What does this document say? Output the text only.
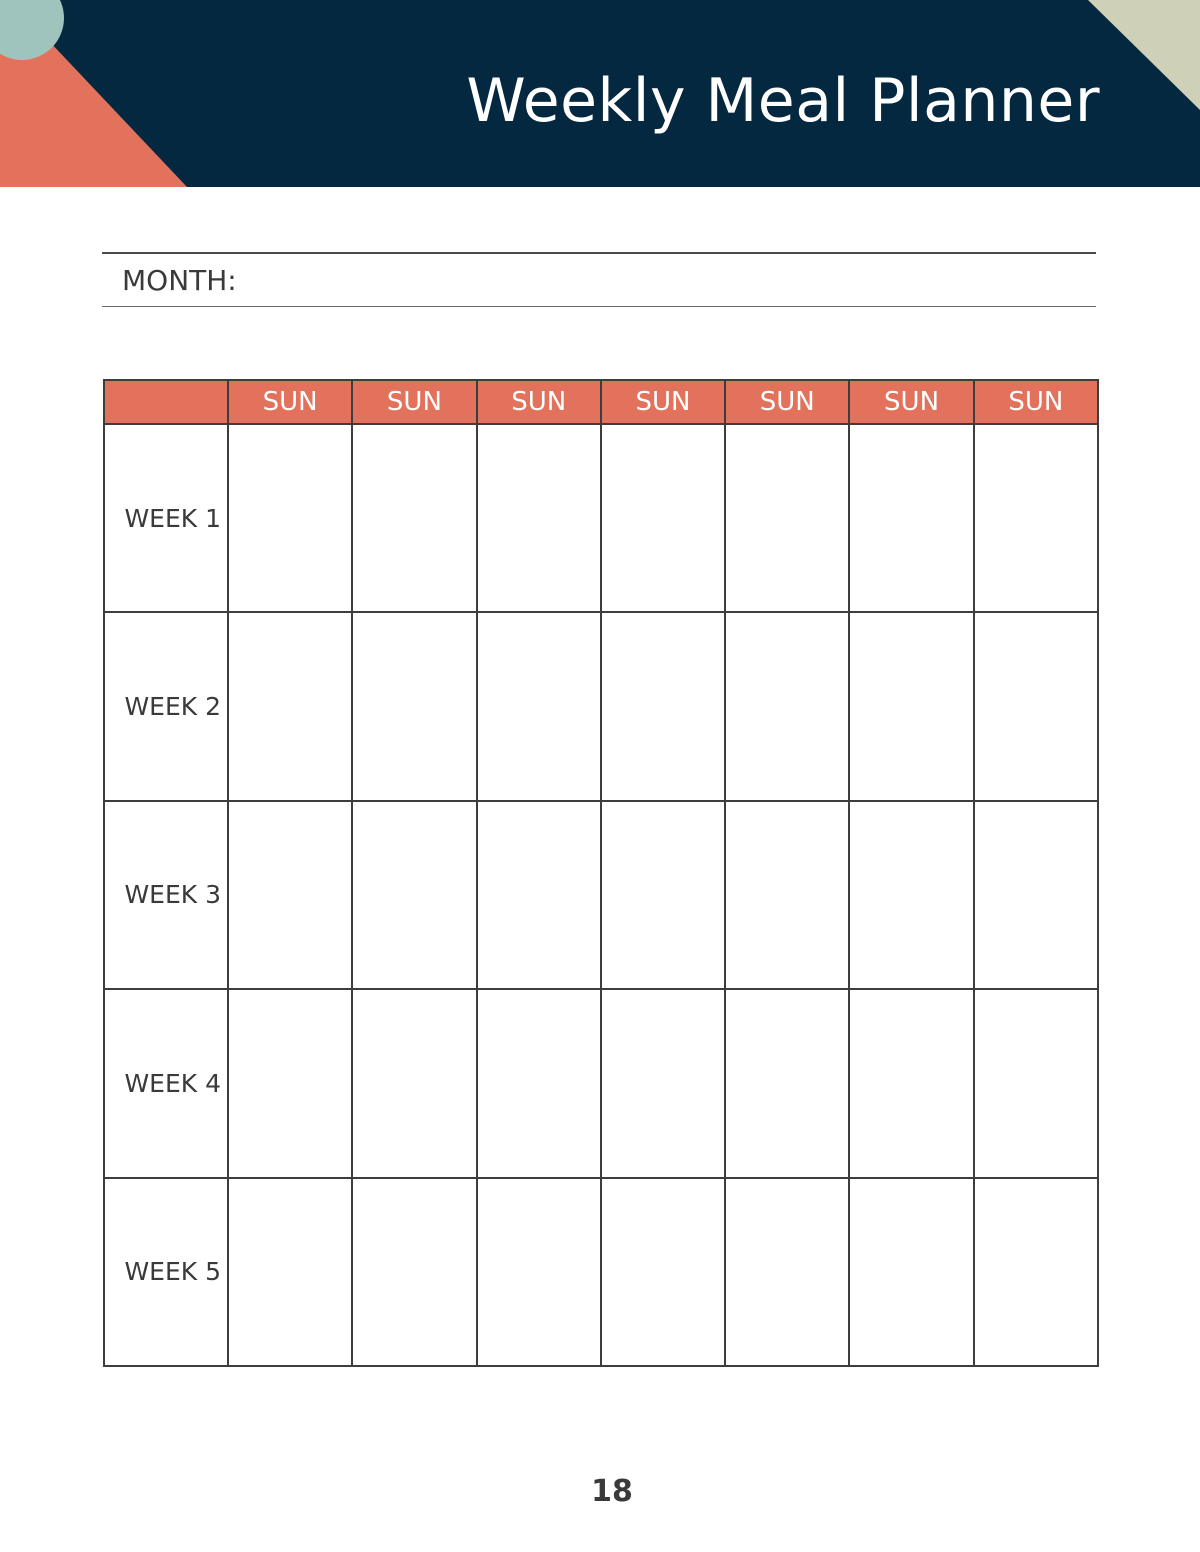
Weekly Meal Planner
MONTH:
	SUN	SUN	SUN	SUN	SUN	SUN	SUN
WEEK 1							
WEEK 2							
WEEK 3							
WEEK 4							
WEEK 5							
18
